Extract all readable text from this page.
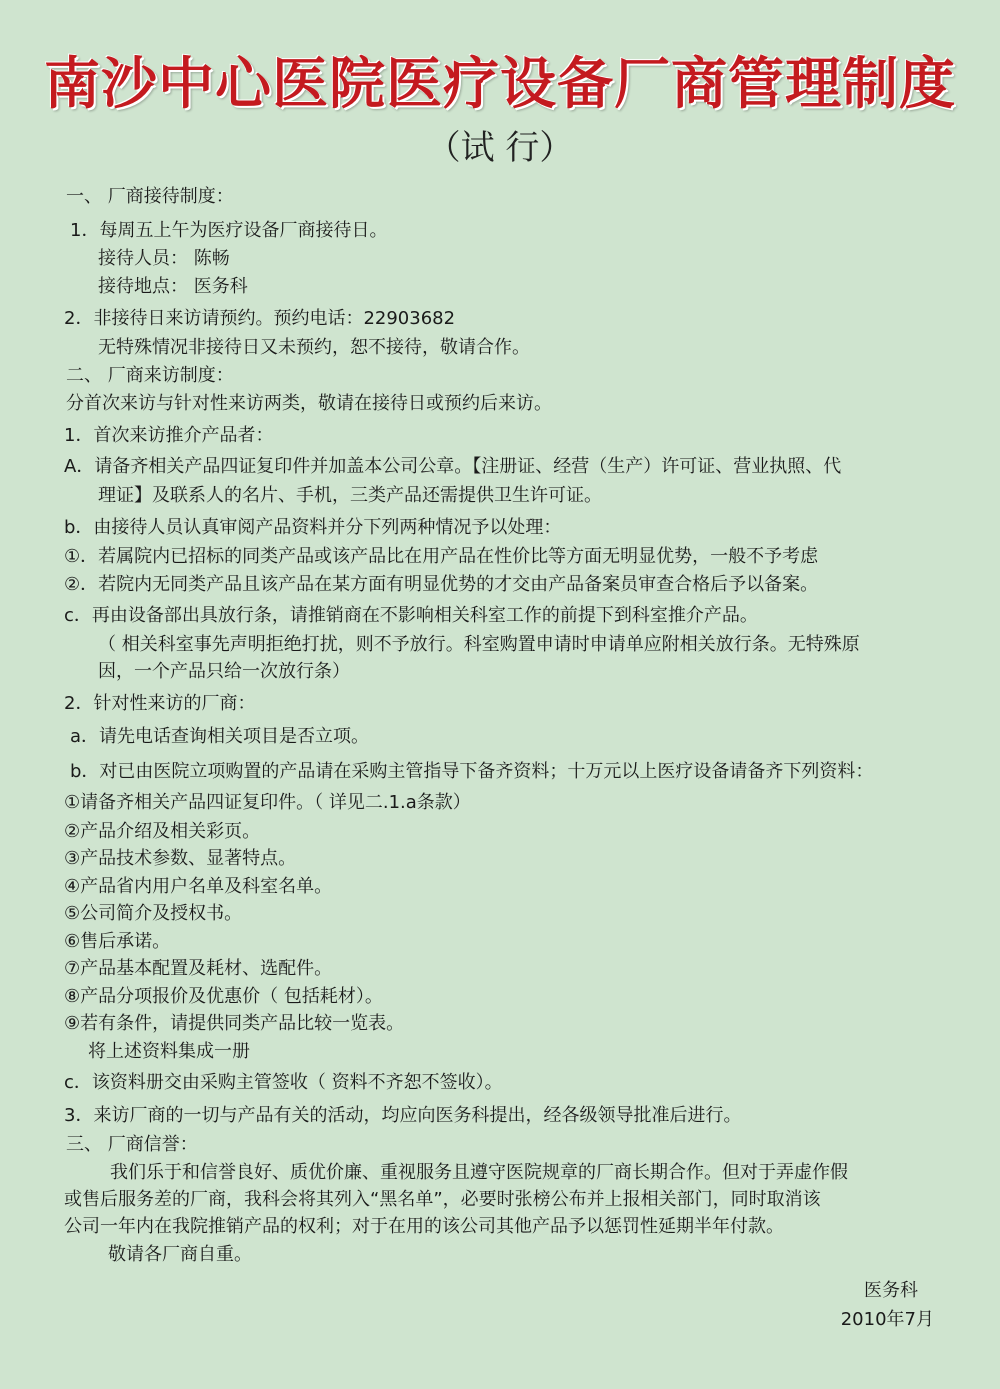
南沙中心医院医疗设备厂商管理制度
（试 行）
一、 厂商接待制度：
1．每周五上午为医疗设备厂商接待日。
接待人员： 陈畅
接待地点： 医务科
2．非接待日来访请预约。预约电话：22903682
无特殊情况非接待日又未预约，恕不接待，敬请合作。
二、 厂商来访制度：
分首次来访与针对性来访两类，敬请在接待日或预约后来访。
1．首次来访推介产品者：
A．请备齐相关产品四证复印件并加盖本公司公章。【注册证、经营（生产）许可证、营业执照、代
理证】及联系人的名片、手机，三类产品还需提供卫生许可证。
b．由接待人员认真审阅产品资料并分下列两种情况予以处理：
①．若属院内已招标的同类产品或该产品比在用产品在性价比等方面无明显优势，一般不予考虑
②．若院内无同类产品且该产品在某方面有明显优势的才交由产品备案员审查合格后予以备案。
c．再由设备部出具放行条，请推销商在不影响相关科室工作的前提下到科室推介产品。
（ 相关科室事先声明拒绝打扰，则不予放行。科室购置申请时申请单应附相关放行条。无特殊原
因，一个产品只给一次放行条）
2．针对性来访的厂商：
a．请先电话查询相关项目是否立项。
b．对已由医院立项购置的产品请在采购主管指导下备齐资料；十万元以上医疗设备请备齐下列资料：
①请备齐相关产品四证复印件。（ 详见二.1.a条款）
②产品介绍及相关彩页。
③产品技术参数、显著特点。
④产品省内用户名单及科室名单。
⑤公司简介及授权书。
⑥售后承诺。
⑦产品基本配置及耗材、选配件。
⑧产品分项报价及优惠价（ 包括耗材）。
⑨若有条件，请提供同类产品比较一览表。
将上述资料集成一册
c．该资料册交由采购主管签收（ 资料不齐恕不签收）。
3．来访厂商的一切与产品有关的活动，均应向医务科提出，经各级领导批准后进行。
三、 厂商信誉：
我们乐于和信誉良好、质优价廉、重视服务且遵守医院规章的厂商长期合作。但对于弄虚作假
或售后服务差的厂商，我科会将其列入“黑名单”，必要时张榜公布并上报相关部门，同时取消该
公司一年内在我院推销产品的权利；对于在用的该公司其他产品予以惩罚性延期半年付款。
敬请各厂商自重。
医务科
2010年7月
